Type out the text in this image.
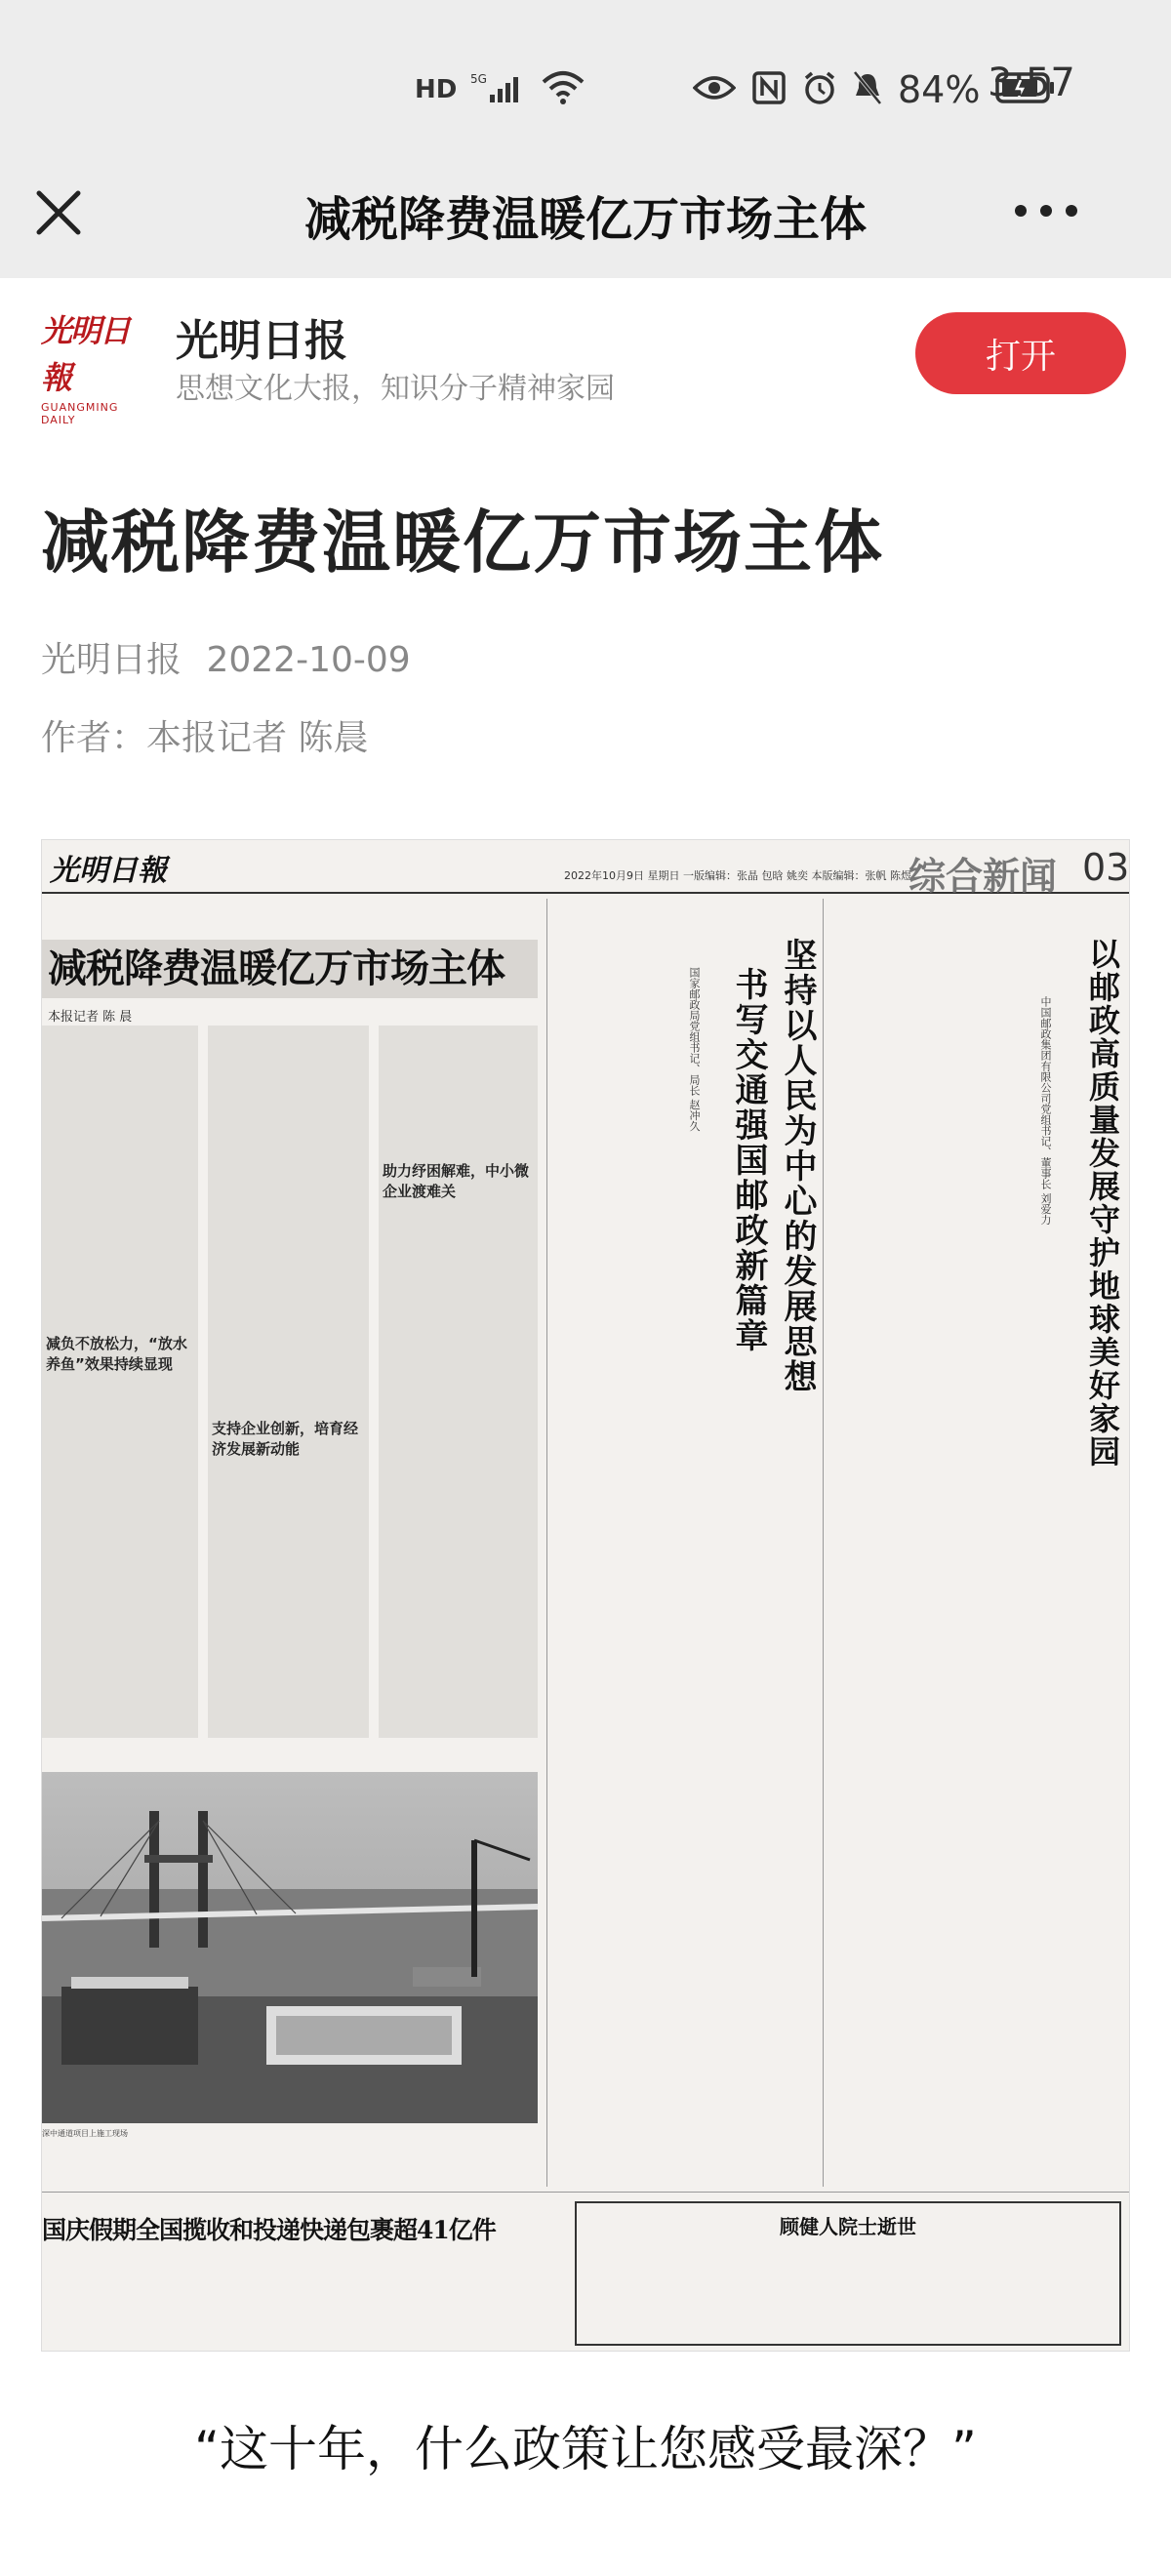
HD 5G	84% 3:57
减税降费温暖亿万市场主体
光明日報
GUANGMING DAILY
光明日报
思想文化大报，知识分子精神家园
打开
减税降费温暖亿万市场主体
光明日报 2022-10-09
作者：本报记者 陈晨
光明日報	2022年10月9日 星期日 一版编辑：张晶 包晗 姚奕 本版编辑：张帆 陈煜
综合新闻 03
减税降费温暖亿万市场主体
本报记者 陈 晨
减负不放松力，“放水养鱼”效果持续显现
支持企业创新，培育经济发展新动能
助力纾困解难，中小微企业渡难关
深中通道项目上施工现场
坚持以人民为中心的发展思想
书写交通强国邮政新篇章
国家邮政局党组书记、局长 赵冲久	以邮政高质量发展守护地球美好家园
中国邮政集团有限公司党组书记、董事长 刘爱力
国庆假期全国揽收和投递快递包裹超41亿件	顾健人院士逝世
“这十年，什么政策让您感受最深？”
